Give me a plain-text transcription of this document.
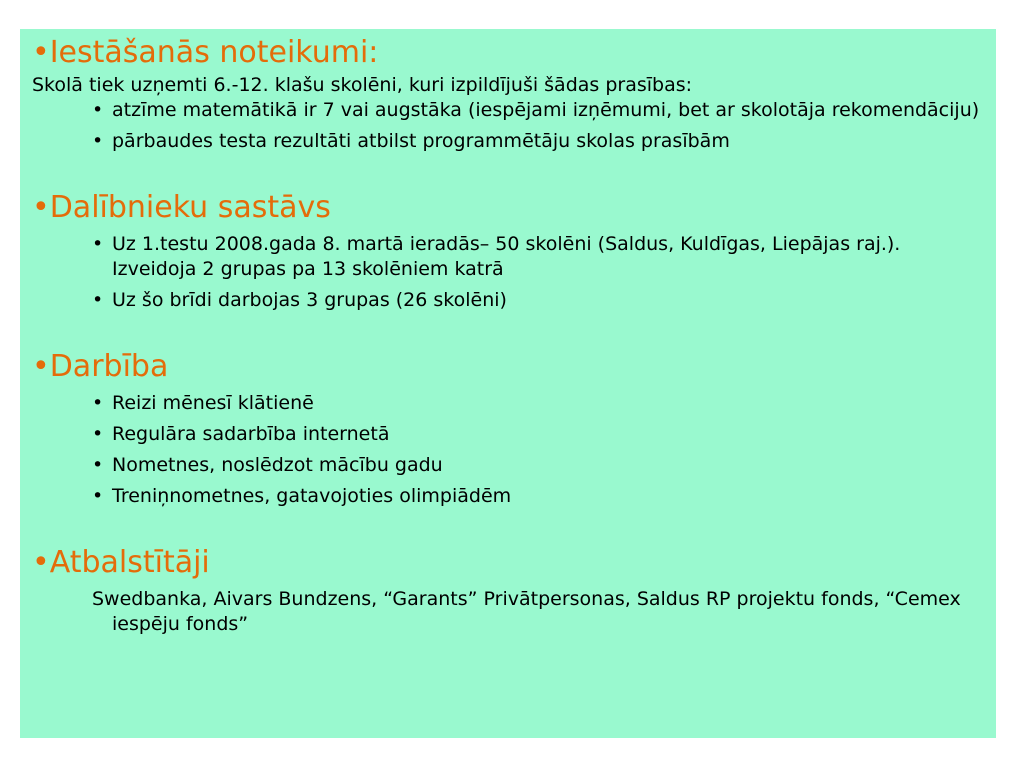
•Iestāšanās noteikumi:

Skolā tiek uzņemti 6.-12. klašu skolēni, kuri izpildījuši šādas prasības:

• atzīme matemātikā ir 7 vai augstāka (iespējami izņēmumi, bet ar skolotāja rekomendāciju)
• pārbaudes testa rezultāti atbilst programmētāju skolas prasībām

•Dalībnieku sastāvs

• Uz 1.testu 2008.gada 8. martā ieradās– 50 skolēni (Saldus, Kuldīgas, Liepājas raj.). Izveidoja 2 grupas pa 13 skolēniem katrā
• Uz šo brīdi darbojas 3 grupas (26 skolēni)

•Darbība

• Reizi mēnesī klātienē
• Regulāra sadarbība internetā
• Nometnes, noslēdzot mācību gadu
• Treniņnometnes, gatavojoties olimpiādēm

•Atbalstītāji

Swedbanka, Aivars Bundzens, “Garants” Privātpersonas, Saldus RP projektu fonds, “Cemex iespēju fonds”
